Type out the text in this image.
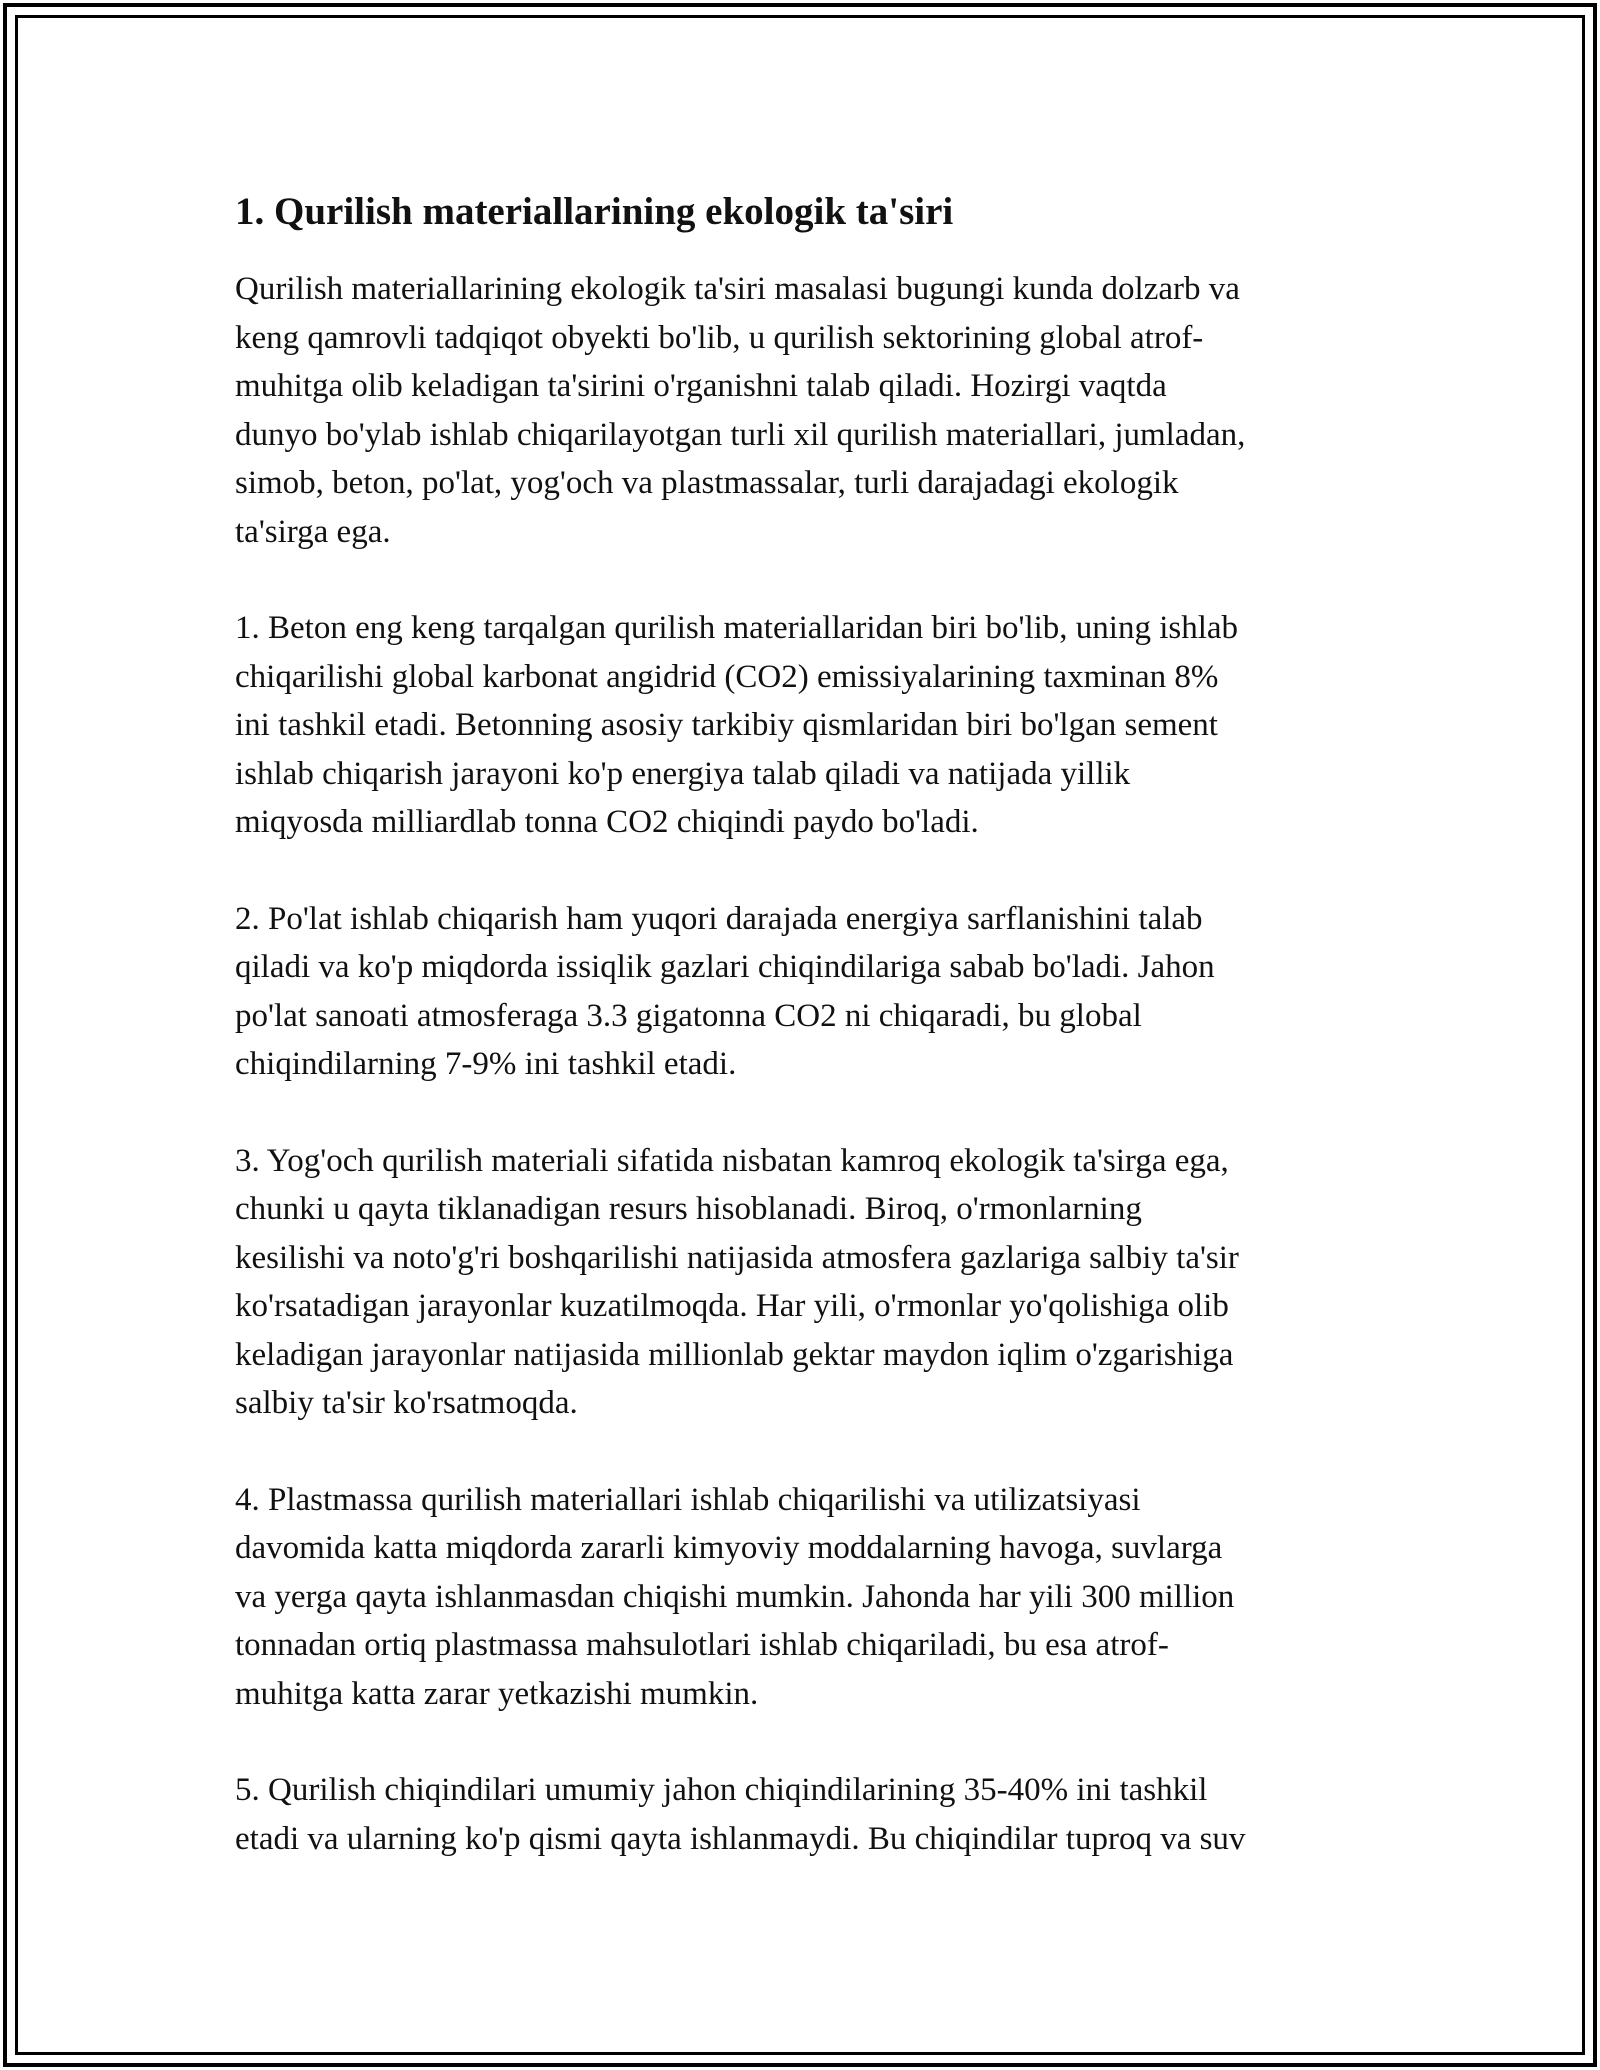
1. Qurilish materiallarining ekologik ta'siri

Qurilish materiallarining ekologik ta'siri masalasi bugungi kunda dolzarb va
keng qamrovli tadqiqot obyekti bo'lib, u qurilish sektorining global atrof-
muhitga olib keladigan ta'sirini o'rganishni talab qiladi. Hozirgi vaqtda
dunyo bo'ylab ishlab chiqarilayotgan turli xil qurilish materiallari, jumladan,
simob, beton, po'lat, yog'och va plastmassalar, turli darajadagi ekologik
ta'sirga ega.

1. Beton eng keng tarqalgan qurilish materiallaridan biri bo'lib, uning ishlab
chiqarilishi global karbonat angidrid (CO2) emissiyalarining taxminan 8%
ini tashkil etadi. Betonning asosiy tarkibiy qismlaridan biri bo'lgan sement
ishlab chiqarish jarayoni ko'p energiya talab qiladi va natijada yillik
miqyosda milliardlab tonna CO2 chiqindi paydo bo'ladi.

2. Po'lat ishlab chiqarish ham yuqori darajada energiya sarflanishini talab
qiladi va ko'p miqdorda issiqlik gazlari chiqindilariga sabab bo'ladi. Jahon
po'lat sanoati atmosferaga 3.3 gigatonna CO2 ni chiqaradi, bu global
chiqindilarning 7-9% ini tashkil etadi.

3. Yog'och qurilish materiali sifatida nisbatan kamroq ekologik ta'sirga ega,
chunki u qayta tiklanadigan resurs hisoblanadi. Biroq, o'rmonlarning
kesilishi va noto'g'ri boshqarilishi natijasida atmosfera gazlariga salbiy ta'sir
ko'rsatadigan jarayonlar kuzatilmoqda. Har yili, o'rmonlar yo'qolishiga olib
keladigan jarayonlar natijasida millionlab gektar maydon iqlim o'zgarishiga
salbiy ta'sir ko'rsatmoqda.

4. Plastmassa qurilish materiallari ishlab chiqarilishi va utilizatsiyasi
davomida katta miqdorda zararli kimyoviy moddalarning havoga, suvlarga
va yerga qayta ishlanmasdan chiqishi mumkin. Jahonda har yili 300 million
tonnadan ortiq plastmassa mahsulotlari ishlab chiqariladi, bu esa atrof-
muhitga katta zarar yetkazishi mumkin.

5. Qurilish chiqindilari umumiy jahon chiqindilarining 35-40% ini tashkil
etadi va ularning ko'p qismi qayta ishlanmaydi. Bu chiqindilar tuproq va suv
